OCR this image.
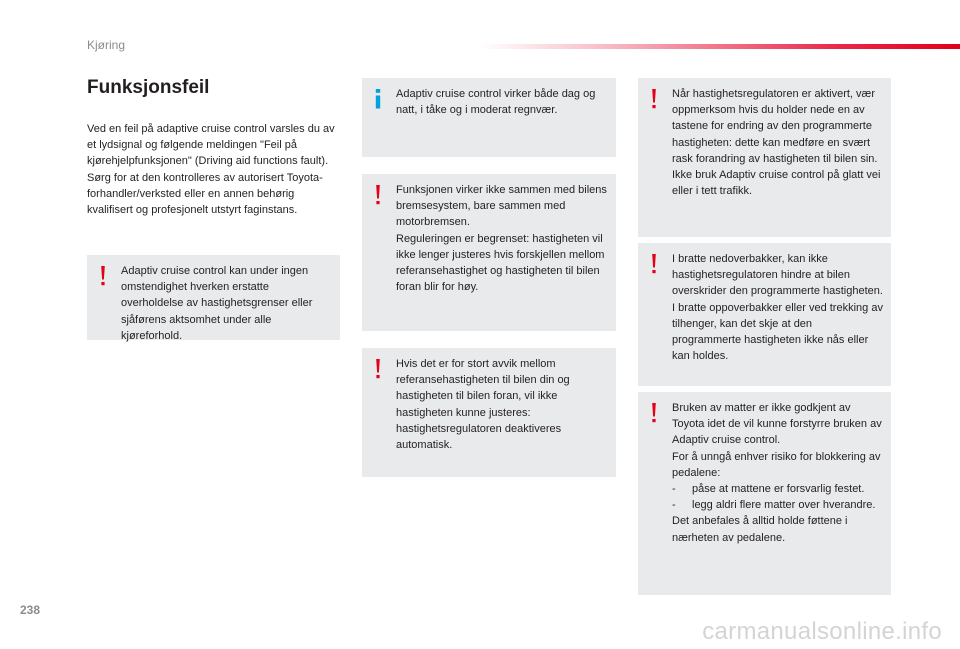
Kjøring
Funksjonsfeil

Ved en feil på adaptive cruise control varsles du av et lydsignal og følgende meldingen "Feil på kjørehjelpfunksjonen" (Driving aid functions fault).

Sørg for at den kontrolleres av autorisert Toyota-forhandler/verksted eller en annen behørig kvalifisert og profesjonelt utstyrt faginstans.

Adaptiv cruise control kan under ingen omstendighet hverken erstatte overholdelse av hastighetsgrenser eller sjåførens aktsomhet under alle kjøreforhold.

Adaptiv cruise control virker både dag og natt, i tåke og i moderat regnvær.

Funksjonen virker ikke sammen med bilens bremsesystem, bare sammen med motorbremsen.

Reguleringen er begrenset: hastigheten vil ikke lenger justeres hvis forskjellen mellom referansehastighet og hastigheten til bilen foran blir for høy.

Hvis det er for stort avvik mellom referansehastigheten til bilen din og hastigheten til bilen foran, vil ikke hastigheten kunne justeres: hastighetsregulatoren deaktiveres automatisk.

Når hastighetsregulatoren er aktivert, vær oppmerksom hvis du holder nede en av tastene for endring av den programmerte hastigheten: dette kan medføre en svært rask forandring av hastigheten til bilen sin.

Ikke bruk Adaptiv cruise control på glatt vei eller i tett trafikk.

I bratte nedoverbakker, kan ikke hastighetsregulatoren hindre at bilen overskrider den programmerte hastigheten.

I bratte oppoverbakker eller ved trekking av tilhenger, kan det skje at den programmerte hastigheten ikke nås eller kan holdes.

Bruken av matter er ikke godkjent av Toyota idet de vil kunne forstyrre bruken av Adaptiv cruise control.

For å unngå enhver risiko for blokkering av pedalene:

-	påse at mattene er forsvarlig festet.
-	legg aldri flere matter over hverandre.

Det anbefales å alltid holde føttene i nærheten av pedalene.

238
carmanualsonline.info
